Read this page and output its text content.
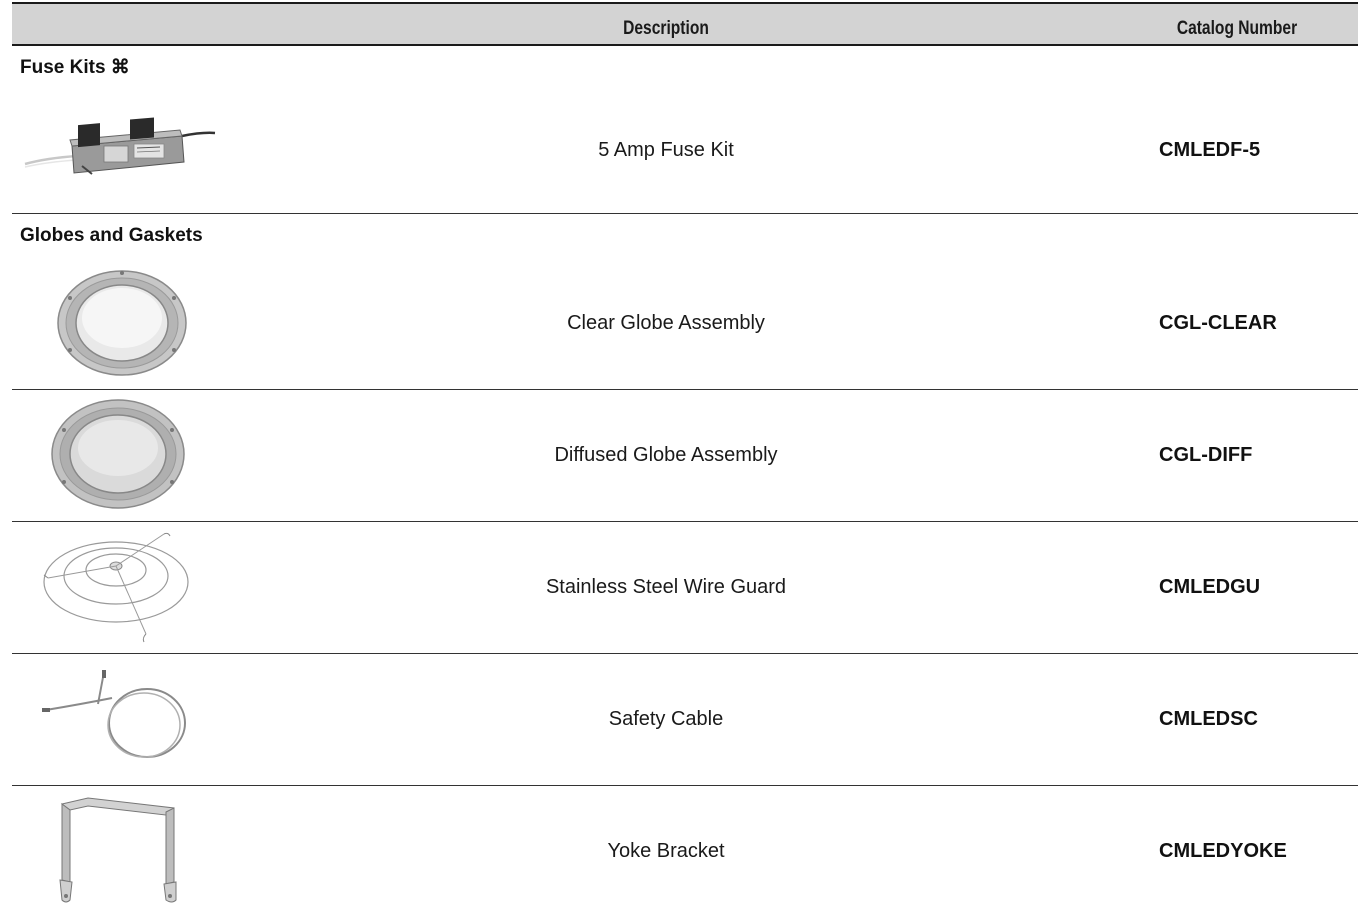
Description	Catalog Number
Fuse Kits ⌘
5 Amp Fuse Kit	CMLEDF-5
Globes and Gaskets
Clear Globe Assembly	CGL-CLEAR
Diffused Globe Assembly	CGL-DIFF
Stainless Steel Wire Guard	CMLEDGU
Safety Cable	CMLEDSC
Yoke Bracket	CMLEDYOKE
